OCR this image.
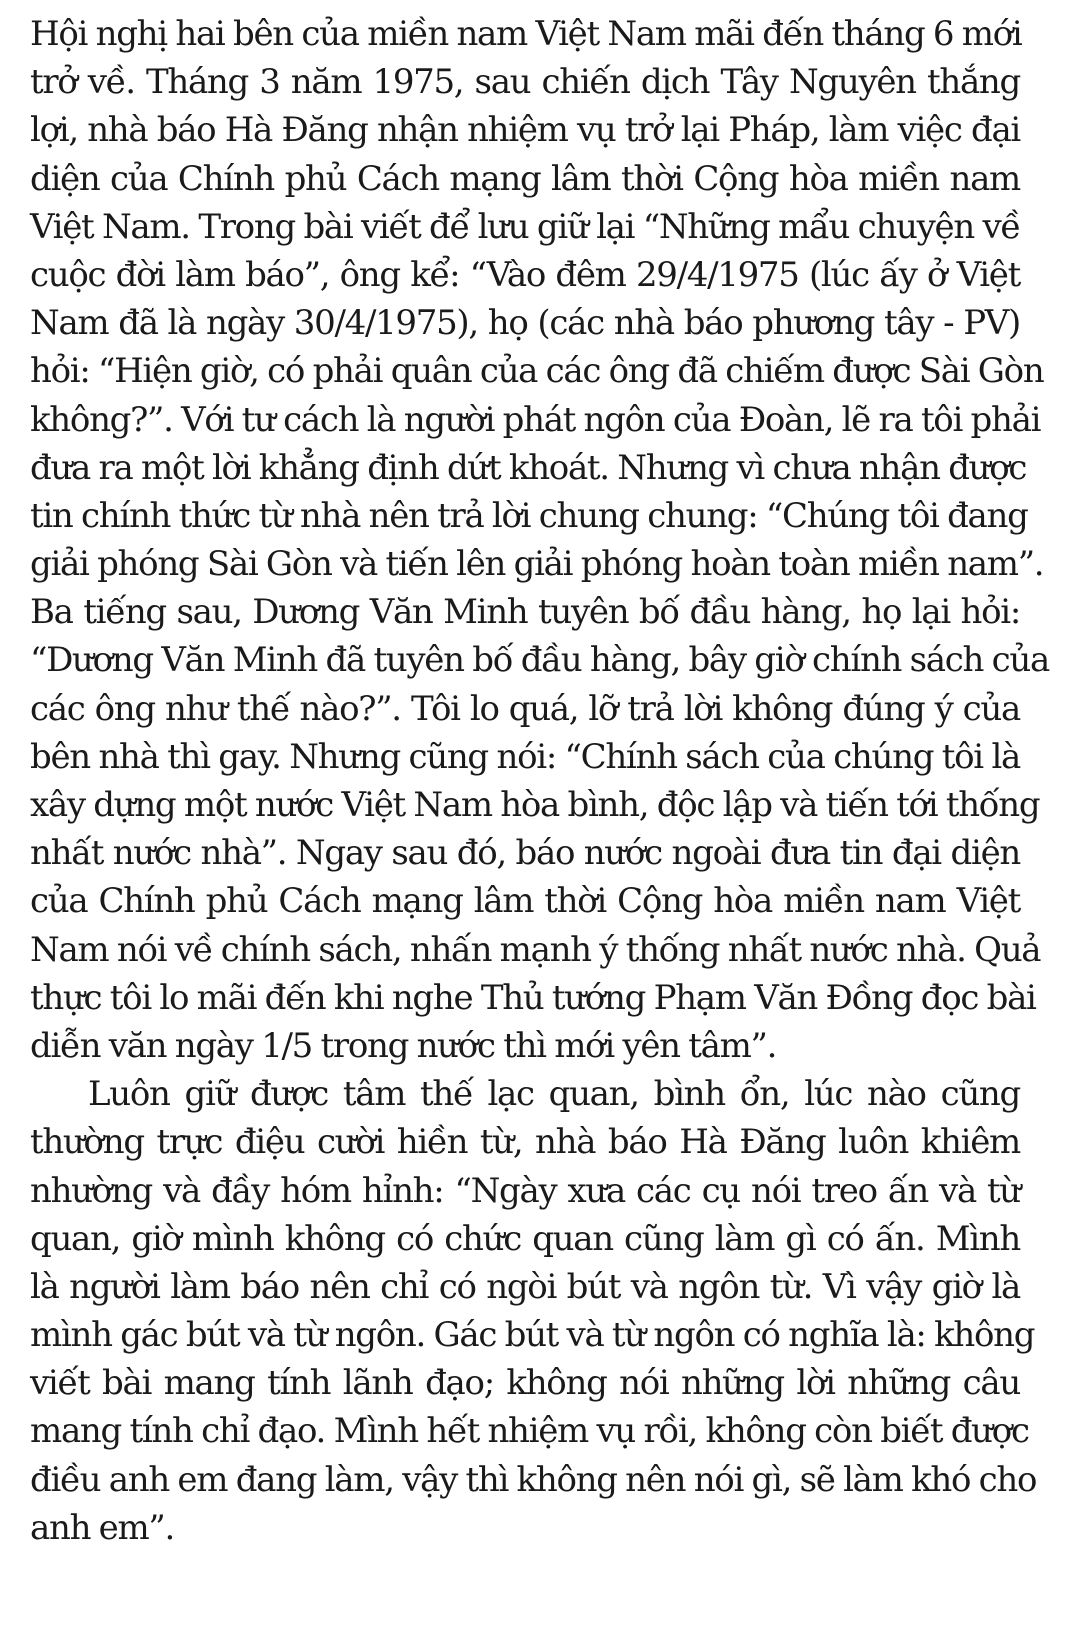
Hội nghị hai bên của miền nam Việt Nam mãi đến tháng 6 mới
trở về. Tháng 3 năm 1975, sau chiến dịch Tây Nguyên thắng
lợi, nhà báo Hà Đăng nhận nhiệm vụ trở lại Pháp, làm việc đại
diện của Chính phủ Cách mạng lâm thời Cộng hòa miền nam
Việt Nam. Trong bài viết để lưu giữ lại “Những mẩu chuyện về
cuộc đời làm báo”, ông kể: “Vào đêm 29/4/1975 (lúc ấy ở Việt
Nam đã là ngày 30/4/1975), họ (các nhà báo phương tây - PV)
hỏi: “Hiện giờ, có phải quân của các ông đã chiếm được Sài Gòn
không?”. Với tư cách là người phát ngôn của Đoàn, lẽ ra tôi phải
đưa ra một lời khẳng định dứt khoát. Nhưng vì chưa nhận được
tin chính thức từ nhà nên trả lời chung chung: “Chúng tôi đang
giải phóng Sài Gòn và tiến lên giải phóng hoàn toàn miền nam”.
Ba tiếng sau, Dương Văn Minh tuyên bố đầu hàng, họ lại hỏi:
“Dương Văn Minh đã tuyên bố đầu hàng, bây giờ chính sách của
các ông như thế nào?”. Tôi lo quá, lỡ trả lời không đúng ý của
bên nhà thì gay. Nhưng cũng nói: “Chính sách của chúng tôi là
xây dựng một nước Việt Nam hòa bình, độc lập và tiến tới thống
nhất nước nhà”. Ngay sau đó, báo nước ngoài đưa tin đại diện
của Chính phủ Cách mạng lâm thời Cộng hòa miền nam Việt
Nam nói về chính sách, nhấn mạnh ý thống nhất nước nhà. Quả
thực tôi lo mãi đến khi nghe Thủ tướng Phạm Văn Đồng đọc bài
diễn văn ngày 1/5 trong nước thì mới yên tâm”.
Luôn giữ được tâm thế lạc quan, bình ổn, lúc nào cũng
thường trực điệu cười hiền từ, nhà báo Hà Đăng luôn khiêm
nhường và đầy hóm hỉnh: “Ngày xưa các cụ nói treo ấn và từ
quan, giờ mình không có chức quan cũng làm gì có ấn. Mình
là người làm báo nên chỉ có ngòi bút và ngôn từ. Vì vậy giờ là
mình gác bút và từ ngôn. Gác bút và từ ngôn có nghĩa là: không
viết bài mang tính lãnh đạo; không nói những lời những câu
mang tính chỉ đạo. Mình hết nhiệm vụ rồi, không còn biết được
điều anh em đang làm, vậy thì không nên nói gì, sẽ làm khó cho
anh em”.
